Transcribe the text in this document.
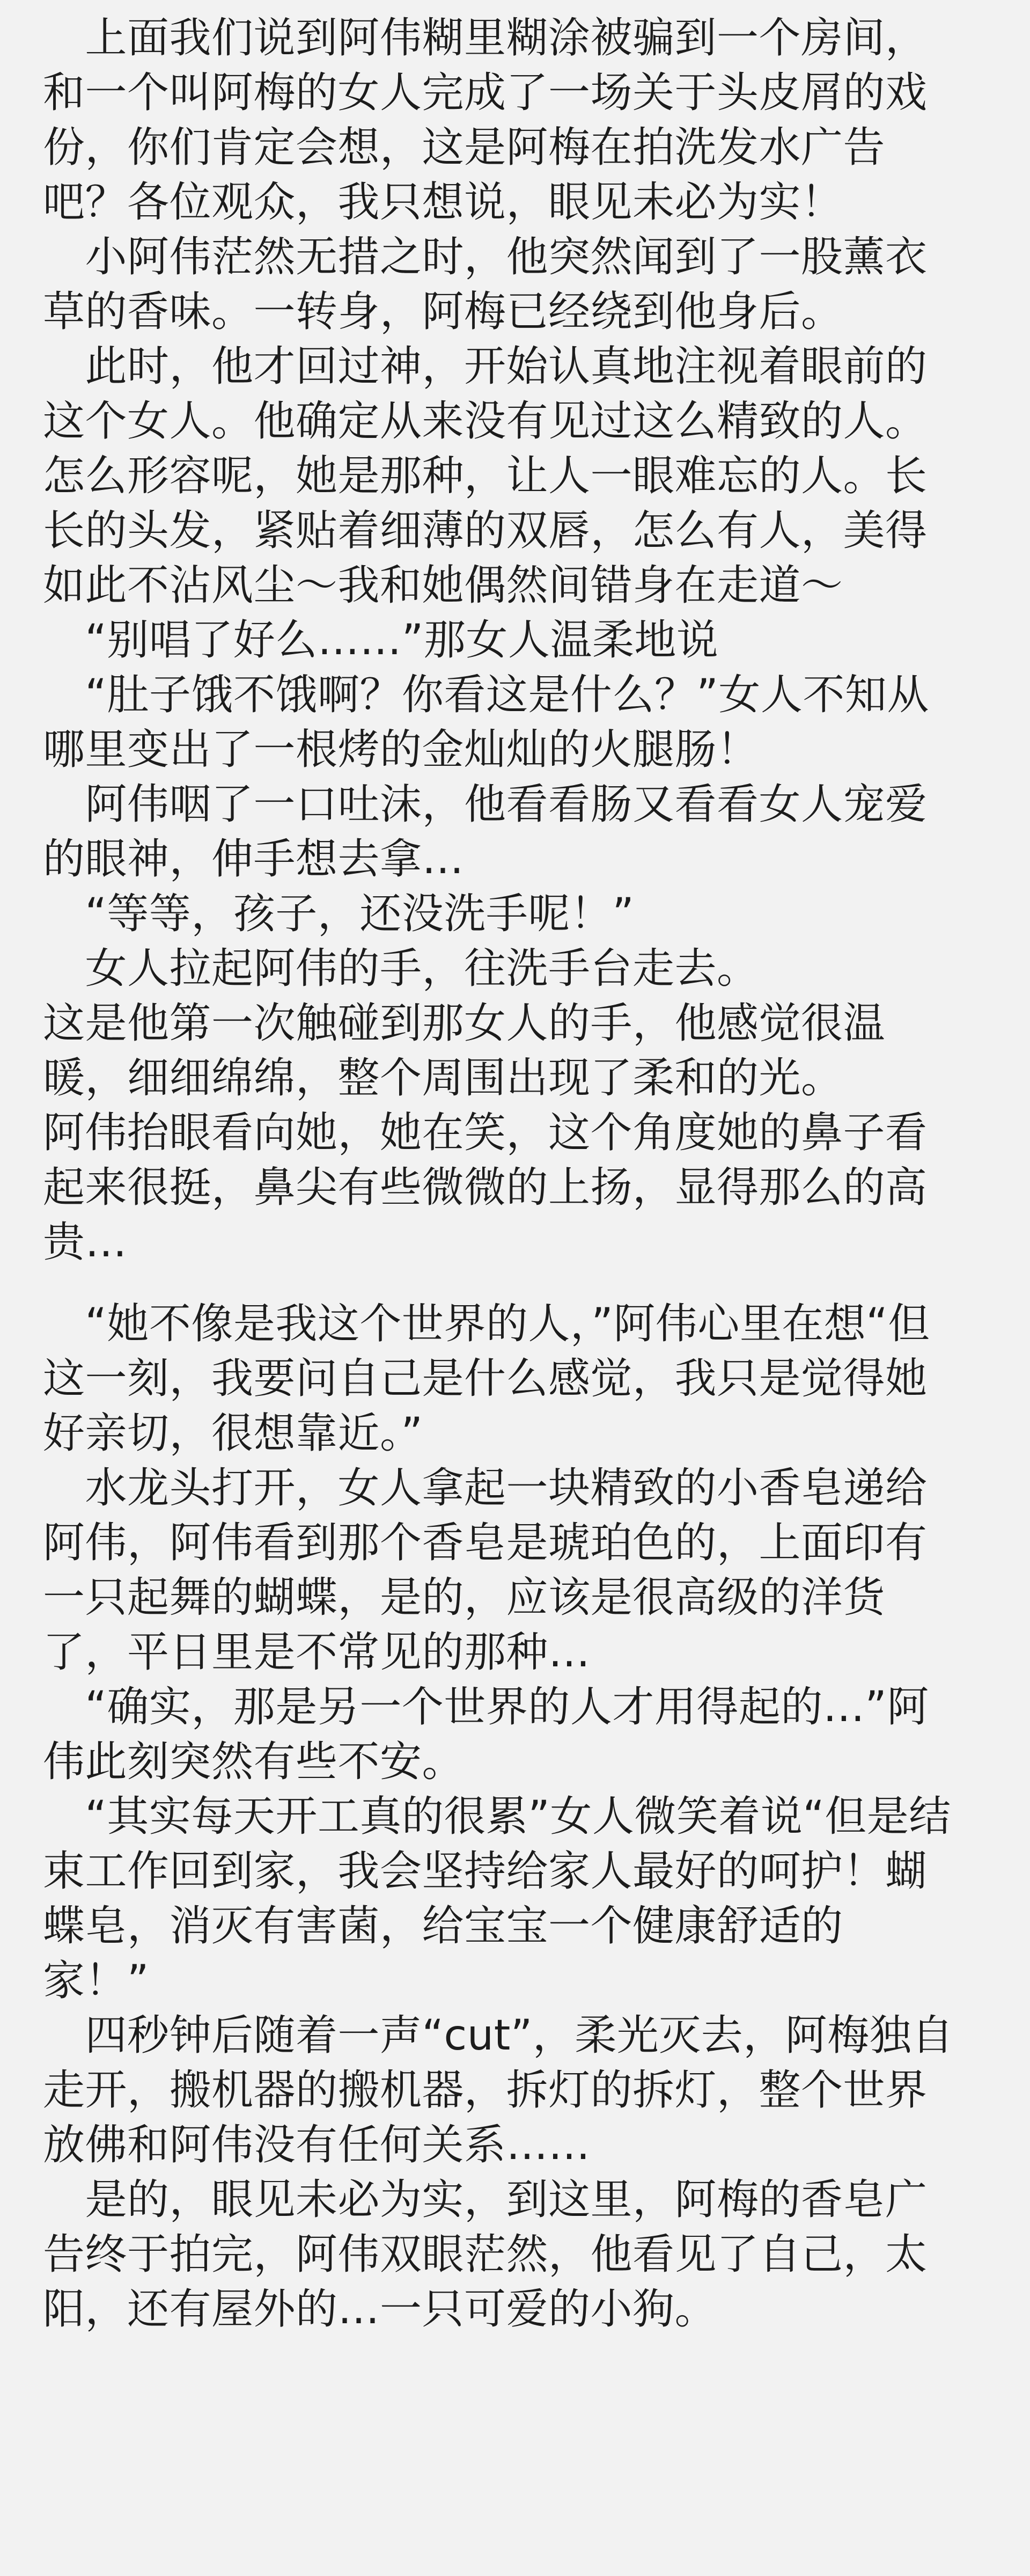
　上面我们说到阿伟糊里糊涂被骗到一个房间，
和一个叫阿梅的女人完成了一场关于头皮屑的戏
份，你们肯定会想，这是阿梅在拍洗发水广告
吧？各位观众，我只想说，眼见未必为实！
　小阿伟茫然无措之时，他突然闻到了一股薰衣
草的香味。一转身，阿梅已经绕到他身后。
　此时，他才回过神，开始认真地注视着眼前的
这个女人。他确定从来没有见过这么精致的人。
怎么形容呢，她是那种，让人一眼难忘的人。长
长的头发，紧贴着细薄的双唇，怎么有人，美得
如此不沾风尘～我和她偶然间错身在走道～
　“别唱了好么……”那女人温柔地说
　“肚子饿不饿啊？你看这是什么？”女人不知从
哪里变出了一根烤的金灿灿的火腿肠！
　阿伟咽了一口吐沫，他看看肠又看看女人宠爱
的眼神，伸手想去拿…
　“等等，孩子，还没洗手呢！”
　女人拉起阿伟的手，往洗手台走去。
这是他第一次触碰到那女人的手，他感觉很温
暖，细细绵绵，整个周围出现了柔和的光。
阿伟抬眼看向她，她在笑，这个角度她的鼻子看
起来很挺，鼻尖有些微微的上扬，显得那么的高
贵…
　“她不像是我这个世界的人，”阿伟心里在想“但
这一刻，我要问自己是什么感觉，我只是觉得她
好亲切，很想靠近。”
　水龙头打开，女人拿起一块精致的小香皂递给
阿伟，阿伟看到那个香皂是琥珀色的，上面印有
一只起舞的蝴蝶，是的，应该是很高级的洋货
了，平日里是不常见的那种…
　“确实，那是另一个世界的人才用得起的…”阿
伟此刻突然有些不安。
　“其实每天开工真的很累”女人微笑着说“但是结
束工作回到家，我会坚持给家人最好的呵护！蝴
蝶皂，消灭有害菌，给宝宝一个健康舒适的
家！”
　四秒钟后随着一声“cut”，柔光灭去，阿梅独自
走开，搬机器的搬机器，拆灯的拆灯，整个世界
放佛和阿伟没有任何关系……
　是的，眼见未必为实，到这里，阿梅的香皂广
告终于拍完，阿伟双眼茫然，他看见了自己，太
阳，还有屋外的…一只可爱的小狗。
